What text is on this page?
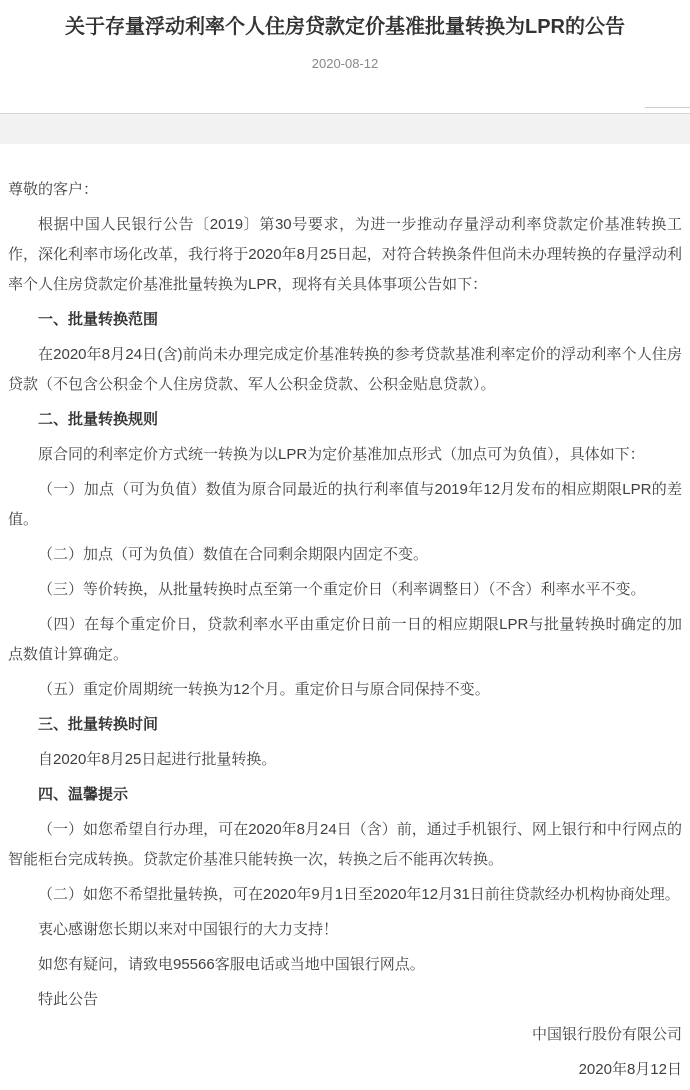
关于存量浮动利率个人住房贷款定价基准批量转换为LPR的公告
2020-08-12

尊敬的客户：

根据中国人民银行公告〔2019〕第30号要求，为进一步推动存量浮动利率贷款定价基准转换工作，深化利率市场化改革，我行将于2020年8月25日起，对符合转换条件但尚未办理转换的存量浮动利率个人住房贷款定价基准批量转换为LPR，现将有关具体事项公告如下：

一、批量转换范围

在2020年8月24日(含)前尚未办理完成定价基准转换的参考贷款基准利率定价的浮动利率个人住房贷款（不包含公积金个人住房贷款、军人公积金贷款、公积金贴息贷款）。

二、批量转换规则

原合同的利率定价方式统一转换为以LPR为定价基准加点形式（加点可为负值），具体如下：

（一）加点（可为负值）数值为原合同最近的执行利率值与2019年12月发布的相应期限LPR的差值。

（二）加点（可为负值）数值在合同剩余期限内固定不变。

（三）等价转换，从批量转换时点至第一个重定价日（利率调整日）（不含）利率水平不变。

（四）在每个重定价日，贷款利率水平由重定价日前一日的相应期限LPR与批量转换时确定的加点数值计算确定。

（五）重定价周期统一转换为12个月。重定价日与原合同保持不变。

三、批量转换时间

自2020年8月25日起进行批量转换。

四、温馨提示

（一）如您希望自行办理，可在2020年8月24日（含）前，通过手机银行、网上银行和中行网点的智能柜台完成转换。贷款定价基准只能转换一次，转换之后不能再次转换。

（二）如您不希望批量转换，可在2020年9月1日至2020年12月31日前往贷款经办机构协商处理。

衷心感谢您长期以来对中国银行的大力支持！

如您有疑问，请致电95566客服电话或当地中国银行网点。

特此公告

中国银行股份有限公司

2020年8月12日
